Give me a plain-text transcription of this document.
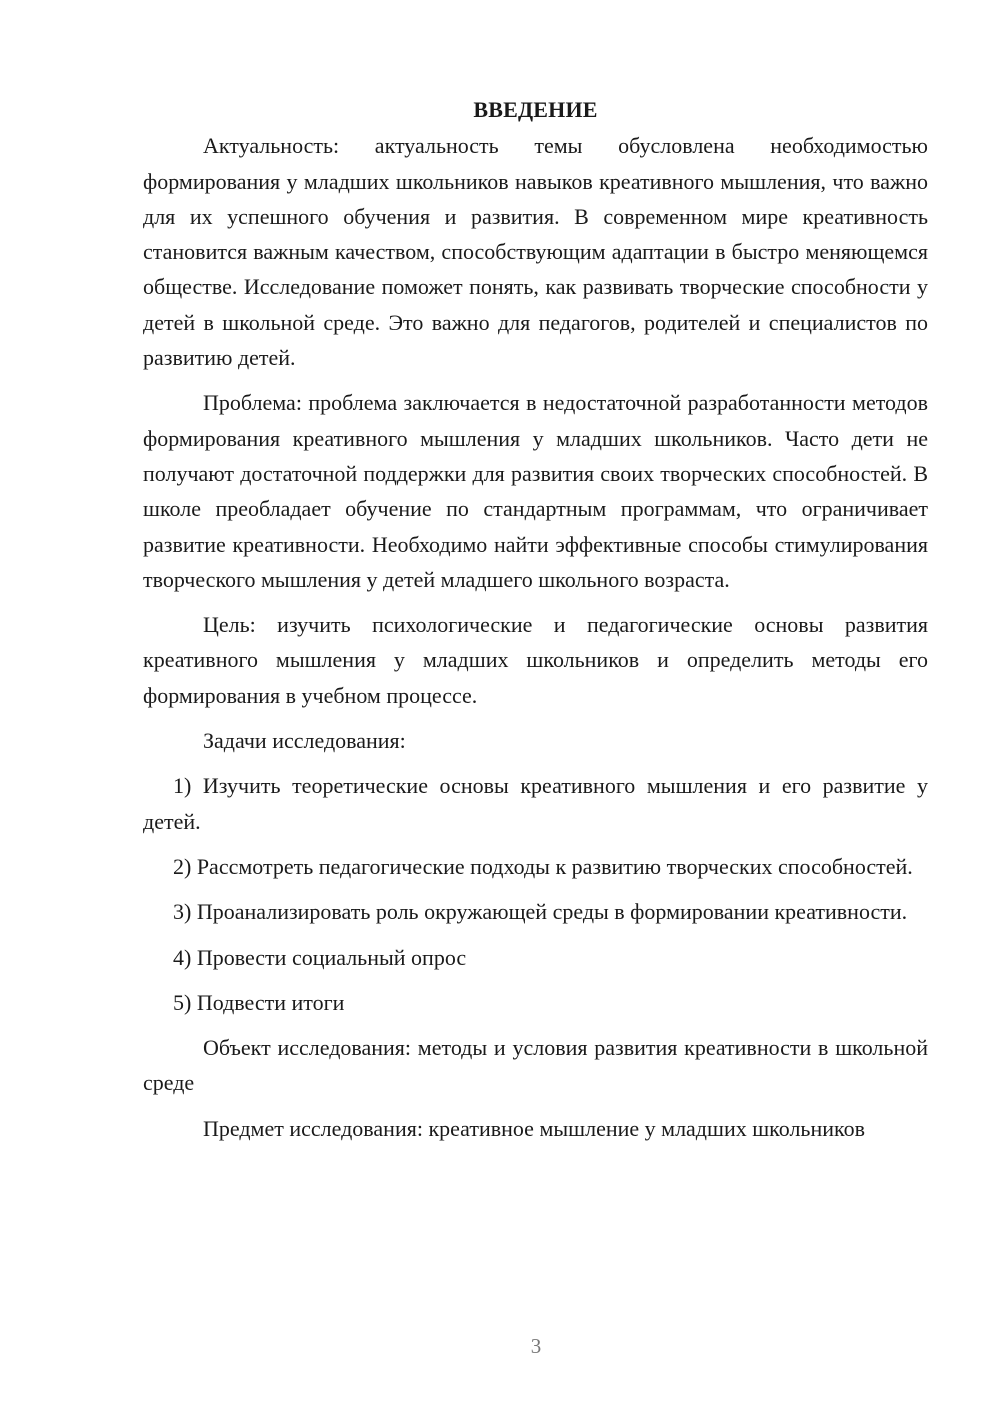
ВВЕДЕНИЕ

Актуальность: актуальность темы обусловлена необходимостью формирования у младших школьников навыков креативного мышления, что важно для их успешного обучения и развития. В современном мире креативность становится важным качеством, способствующим адаптации в быстро меняющемся обществе. Исследование поможет понять, как развивать творческие способности у детей в школьной среде. Это важно для педагогов, родителей и специалистов по развитию детей.

Проблема: проблема заключается в недостаточной разработанности методов формирования креативного мышления у младших школьников. Часто дети не получают достаточной поддержки для развития своих творческих способностей. В школе преобладает обучение по стандартным программам, что ограничивает развитие креативности. Необходимо найти эффективные способы стимулирования творческого мышления у детей младшего школьного возраста.

Цель: изучить психологические и педагогические основы развития креативного мышления у младших школьников и определить методы его формирования в учебном процессе.

Задачи исследования:

1) Изучить теоретические основы креативного мышления и его развитие у детей.

2) Рассмотреть педагогические подходы к развитию творческих способностей.

3) Проанализировать роль окружающей среды в формировании креативности.

4) Провести социальный опрос

5) Подвести итоги

Объект исследования: методы и условия развития креативности в школьной среде

Предмет исследования: креативное мышление у младших школьников

3
